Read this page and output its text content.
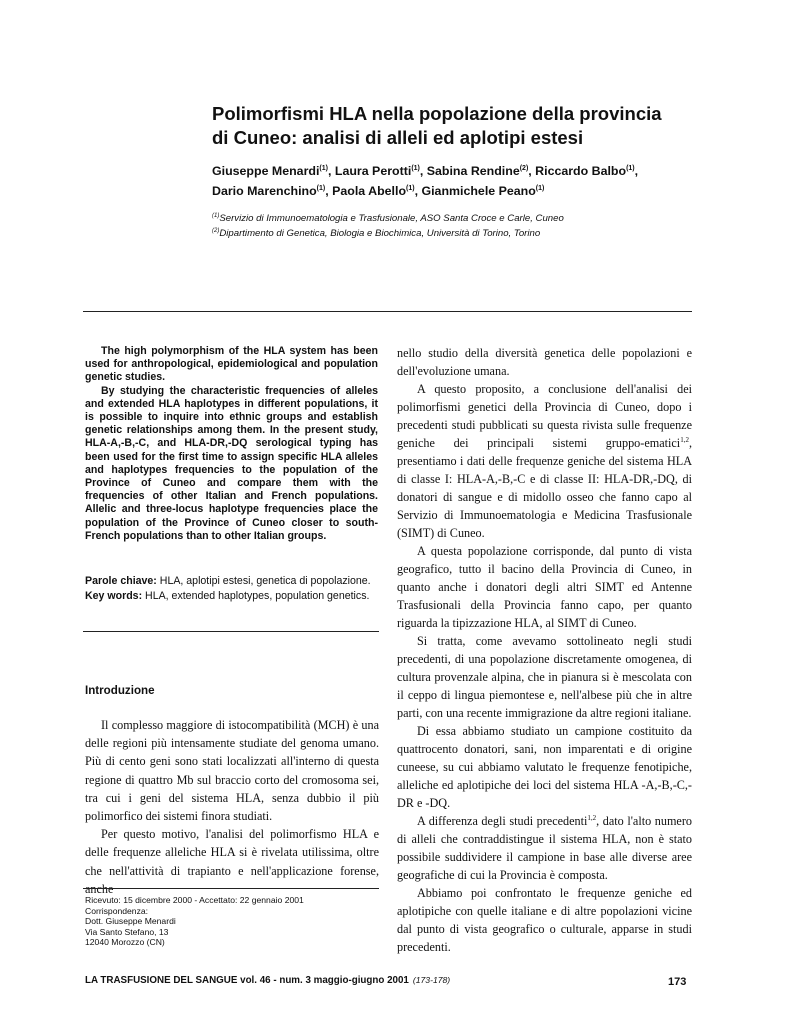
Polimorfismi HLA nella popolazione della provincia
di Cuneo: analisi di alleli ed aplotipi estesi
Giuseppe Menardi$^{(1)}$, Laura Perotti$^{(1)}$, Sabina Rendine$^{(2)}$, Riccardo Balbo$^{(1)}$,
Dario Marenchino$^{(1)}$, Paola Abello$^{(1)}$, Gianmichele Peano$^{(1)}$
$^{(1)}$Servizio di Immunoematologia e Trasfusionale, ASO Santa Croce e Carle, Cuneo
$^{(2)}$Dipartimento di Genetica, Biologia e Biochimica, Università di Torino, Torino

The high polymorphism of the HLA system has been used for anthropological, epidemiological and population genetic studies.

By studying the characteristic frequencies of alleles and extended HLA haplotypes in different populations, it is possible to inquire into ethnic groups and establish genetic relationships among them. In the present study, HLA-A,-B,-C, and HLA-DR,-DQ serological typing has been used for the first time to assign specific HLA alleles and haplotypes frequencies to the population of the Province of Cuneo and compare them with the frequencies of other Italian and French populations. Allelic and three-locus haplotype frequencies place the population of the Province of Cuneo closer to south-French populations than to other Italian groups.

Parole chiave: HLA, aplotipi estesi, genetica di popolazione.

Key words: HLA, extended haplotypes, population genetics.

Introduzione

Il complesso maggiore di istocompatibilità (MCH) è una delle regioni più intensamente studiate del genoma umano. Più di cento geni sono stati localizzati all'interno di questa regione di quattro Mb sul braccio corto del cromosoma sei, tra cui i geni del sistema HLA, senza dubbio il più polimorfico dei sistemi finora studiati.

Per questo motivo, l'analisi del polimorfismo HLA e delle frequenze alleliche HLA si è rivelata utilissima, oltre che nell'attività di trapianto e nell'applicazione forense, anche

Ricevuto: 15 dicembre 2000 - Accettato: 22 gennaio 2001
Corrispondenza:
Dott. Giuseppe Menardi
Via Santo Stefano, 13
12040 Morozzo (CN)

nello studio della diversità genetica delle popolazioni e dell'evoluzione umana.

A questo proposito, a conclusione dell'analisi dei polimorfismi genetici della Provincia di Cuneo, dopo i precedenti studi pubblicati su questa rivista sulle frequenze geniche dei principali sistemi gruppo-ematici$^{1,2}$, presentiamo i dati delle frequenze geniche del sistema HLA di classe I: HLA-A,-B,-C e di classe II: HLA-DR,-DQ, di donatori di sangue e di midollo osseo che fanno capo al Servizio di Immunoematologia e Medicina Trasfusionale (SIMT) di Cuneo.

A questa popolazione corrisponde, dal punto di vista geografico, tutto il bacino della Provincia di Cuneo, in quanto anche i donatori degli altri SIMT ed Antenne Trasfusionali della Provincia fanno capo, per quanto riguarda la tipizzazione HLA, al SIMT di Cuneo.

Si tratta, come avevamo sottolineato negli studi precedenti, di una popolazione discretamente omogenea, di cultura provenzale alpina, che in pianura si è mescolata con il ceppo di lingua piemontese e, nell'albese più che in altre parti, con una recente immigrazione da altre regioni italiane.

Di essa abbiamo studiato un campione costituito da quattrocento donatori, sani, non imparentati e di origine cuneese, su cui abbiamo valutato le frequenze fenotipiche, alleliche ed aplotipiche dei loci del sistema HLA -A,-B,-C,-DR e -DQ.

A differenza degli studi precedenti$^{1,2}$, dato l'alto numero di alleli che contraddistingue il sistema HLA, non è stato possibile suddividere il campione in base alle diverse aree geografiche di cui la Provincia è composta.

Abbiamo poi confrontato le frequenze geniche ed aplotipiche con quelle italiane e di altre popolazioni vicine dal punto di vista geografico o culturale, apparse in studi precedenti.

LA TRASFUSIONE DEL SANGUE vol. 46 - num. 3 maggio-giugno 2001 (173-178)	173
